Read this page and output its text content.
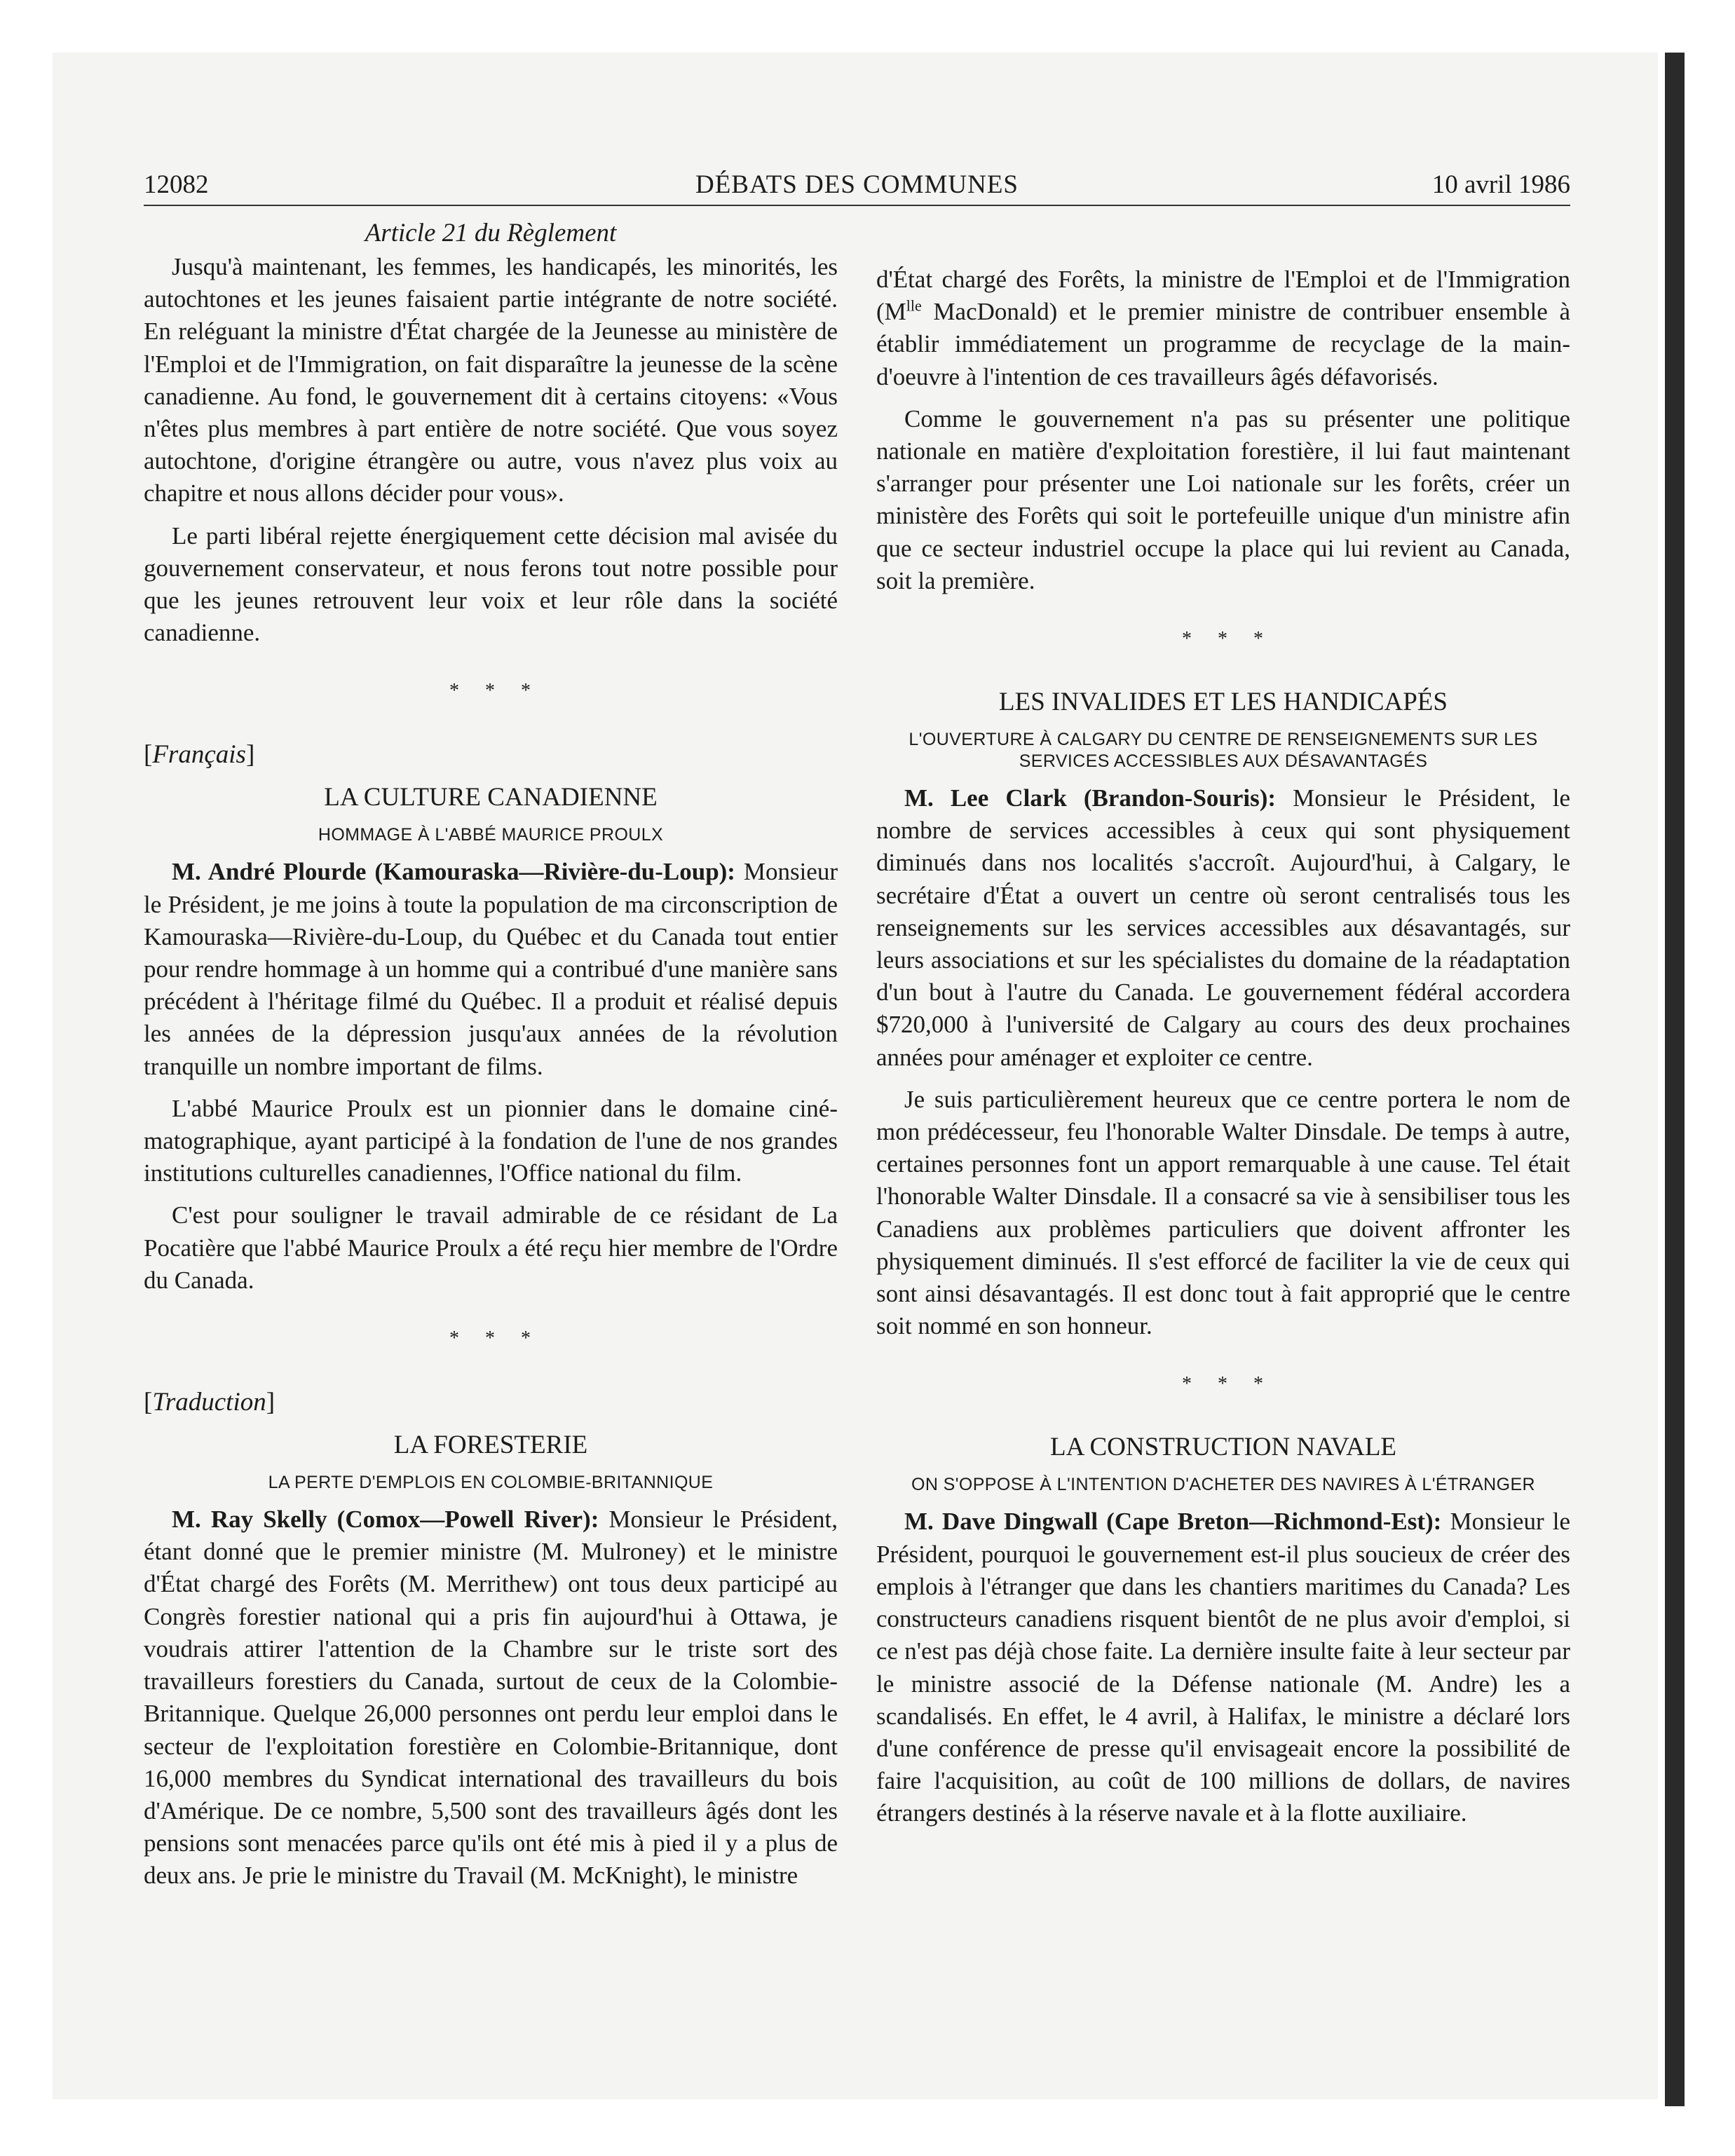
12082	DÉBATS DES COMMUNES	10 avril 1986
Article 21 du Règlement

Jusqu'à maintenant, les femmes, les handicapés, les minorités, les autochtones et les jeunes faisaient partie intégrante de notre société. En reléguant la ministre d'État chargée de la Jeunesse au ministère de l'Emploi et de l'Immigration, on fait disparaître la jeunesse de la scène canadienne. Au fond, le gouvernement dit à certains citoyens: «Vous n'êtes plus membres à part entière de notre société. Que vous soyez autochtone, d'origine étrangère ou autre, vous n'avez plus voix au chapitre et nous allons décider pour vous».

Le parti libéral rejette énergiquement cette décision mal avisée du gouvernement conservateur, et nous ferons tout notre possible pour que les jeunes retrouvent leur voix et leur rôle dans la société canadienne.

* * *
[Français]
LA CULTURE CANADIENNE
HOMMAGE À L'ABBÉ MAURICE PROULX

M. André Plourde (Kamouraska—Rivière-du-Loup): Monsieur le Président, je me joins à toute la population de ma circonscription de Kamouraska—Rivière-du-Loup, du Québec et du Canada tout entier pour rendre hommage à un homme qui a contribué d'une manière sans précédent à l'héritage filmé du Québec. Il a produit et réalisé depuis les années de la dépression jusqu'aux années de la révolution tranquille un nombre important de films.

L'abbé Maurice Proulx est un pionnier dans le domaine cinématographique, ayant participé à la fondation de l'une de nos grandes institutions culturelles canadiennes, l'Office national du film.

C'est pour souligner le travail admirable de ce résidant de La Pocatière que l'abbé Maurice Proulx a été reçu hier membre de l'Ordre du Canada.

* * *
[Traduction]
LA FORESTERIE
LA PERTE D'EMPLOIS EN COLOMBIE-BRITANNIQUE

M. Ray Skelly (Comox—Powell River): Monsieur le Président, étant donné que le premier ministre (M. Mulroney) et le ministre d'État chargé des Forêts (M. Merrithew) ont tous deux participé au Congrès forestier national qui a pris fin aujourd'hui à Ottawa, je voudrais attirer l'attention de la Chambre sur le triste sort des travailleurs forestiers du Canada, surtout de ceux de la Colombie-Britannique. Quelque 26,000 personnes ont perdu leur emploi dans le secteur de l'exploitation forestière en Colombie-Britannique, dont 16,000 membres du Syndicat international des travailleurs du bois d'Amérique. De ce nombre, 5,500 sont des travailleurs âgés dont les pensions sont menacées parce qu'ils ont été mis à pied il y a plus de deux ans. Je prie le ministre du Travail (M. McKnight), le ministre

d'État chargé des Forêts, la ministre de l'Emploi et de l'Immigration ($M^{lle}$ MacDonald) et le premier ministre de contribuer ensemble à établir immédiatement un programme de recyclage de la main-d'oeuvre à l'intention de ces travailleurs âgés défavorisés.

Comme le gouvernement n'a pas su présenter une politique nationale en matière d'exploitation forestière, il lui faut maintenant s'arranger pour présenter une Loi nationale sur les forêts, créer un ministère des Forêts qui soit le portefeuille unique d'un ministre afin que ce secteur industriel occupe la place qui lui revient au Canada, soit la première.

* * *
LES INVALIDES ET LES HANDICAPÉS
L'OUVERTURE À CALGARY DU CENTRE DE RENSEIGNEMENTS SUR LES SERVICES ACCESSIBLES AUX DÉSAVANTAGÉS

M. Lee Clark (Brandon-Souris): Monsieur le Président, le nombre de services accessibles à ceux qui sont physiquement diminués dans nos localités s'accroît. Aujourd'hui, à Calgary, le secrétaire d'État a ouvert un centre où seront centralisés tous les renseignements sur les services accessibles aux désavantagés, sur leurs associations et sur les spécialistes du domaine de la réadaptation d'un bout à l'autre du Canada. Le gouvernement fédéral accordera $720,000 à l'université de Calgary au cours des deux prochaines années pour aménager et exploiter ce centre.

Je suis particulièrement heureux que ce centre portera le nom de mon prédécesseur, feu l'honorable Walter Dinsdale. De temps à autre, certaines personnes font un apport remarquable à une cause. Tel était l'honorable Walter Dinsdale. Il a consacré sa vie à sensibiliser tous les Canadiens aux problèmes particuliers que doivent affronter les physiquement diminués. Il s'est efforcé de faciliter la vie de ceux qui sont ainsi désavantagés. Il est donc tout à fait approprié que le centre soit nommé en son honneur.

* * *
LA CONSTRUCTION NAVALE
ON S'OPPOSE À L'INTENTION D'ACHETER DES NAVIRES À L'ÉTRANGER

M. Dave Dingwall (Cape Breton—Richmond-Est): Monsieur le Président, pourquoi le gouvernement est-il plus soucieux de créer des emplois à l'étranger que dans les chantiers maritimes du Canada? Les constructeurs canadiens risquent bientôt de ne plus avoir d'emploi, si ce n'est pas déjà chose faite. La dernière insulte faite à leur secteur par le ministre associé de la Défense nationale (M. Andre) les a scandalisés. En effet, le 4 avril, à Halifax, le ministre a déclaré lors d'une conférence de presse qu'il envisageait encore la possibilité de faire l'acquisition, au coût de 100 millions de dollars, de navires étrangers destinés à la réserve navale et à la flotte auxiliaire.
